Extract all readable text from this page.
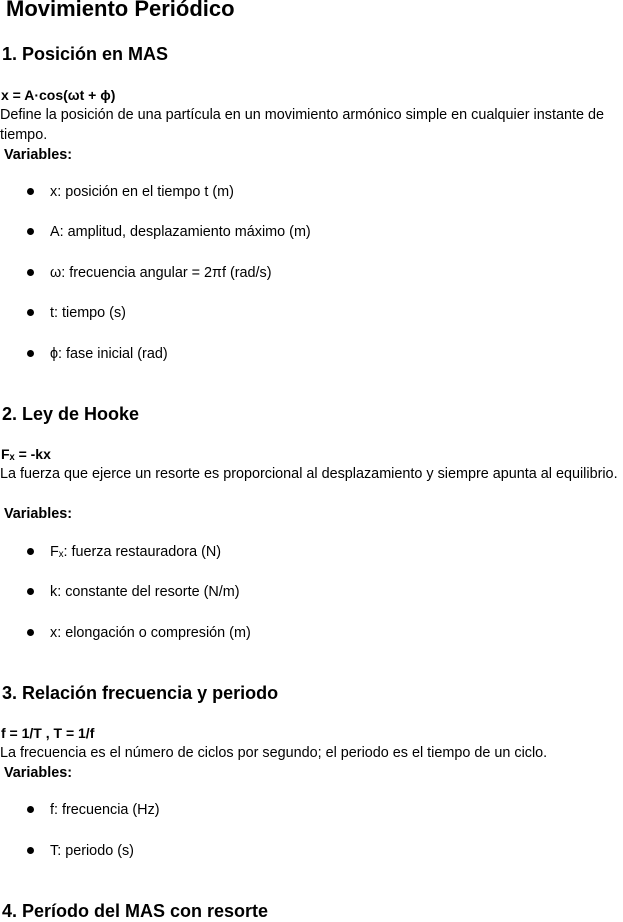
Movimiento Periódico
1. Posición en MAS
x = A·cos(ωt + ϕ)
Define la posición de una partícula en un movimiento armónico simple en cualquier instante de tiempo.
Variables:
x: posición en el tiempo t (m)
A: amplitud, desplazamiento máximo (m)
ω: frecuencia angular = 2πf (rad/s)
t: tiempo (s)
ϕ: fase inicial (rad)
2. Ley de Hooke
Fₓ = -kx
La fuerza que ejerce un resorte es proporcional al desplazamiento y siempre apunta al equilibrio.
Variables:
Fₓ: fuerza restauradora (N)
k: constante del resorte (N/m)
x: elongación o compresión (m)
3. Relación frecuencia y periodo
f = 1/T , T = 1/f
La frecuencia es el número de ciclos por segundo; el periodo es el tiempo de un ciclo.
Variables:
f: frecuencia (Hz)
T: periodo (s)
4. Período del MAS con resorte
